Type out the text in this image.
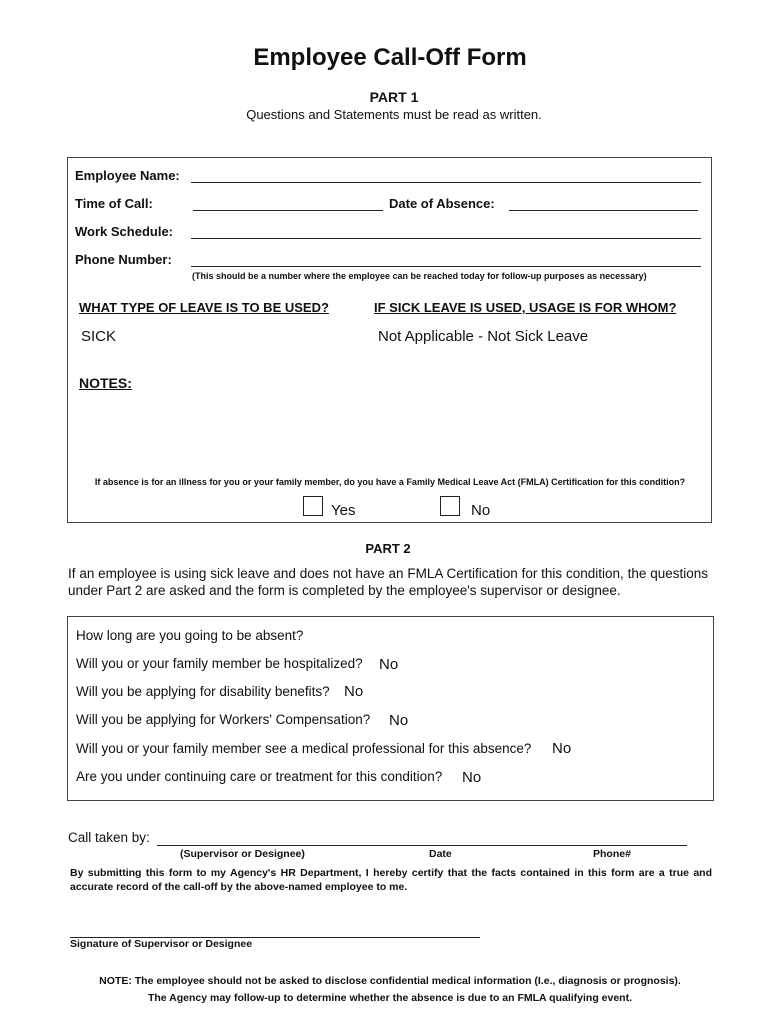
Employee Call-Off Form
PART 1
Questions and Statements must be read as written.
Employee Name:
Time of Call:	Date of Absence:
Work Schedule:
Phone Number:
(This should be a number where the employee can be reached today for follow-up purposes as necessary)
WHAT TYPE OF LEAVE IS TO BE USED?
SICK
IF SICK LEAVE IS USED, USAGE IS FOR WHOM?
Not Applicable - Not Sick Leave
NOTES:
If absence is for an illness for you or your family member, do you have a Family Medical Leave Act (FMLA) Certification for this condition?
Yes	No
PART 2
If an employee is using sick leave and does not have an FMLA Certification for this condition, the questions under Part 2 are asked and the form is completed by the employee's supervisor or designee.
How long are you going to be absent?
Will you or your family member be hospitalized? No
Will you be applying for disability benefits? No
Will you be applying for Workers' Compensation? No
Will you or your family member see a medical professional for this absence? No
Are you under continuing care or treatment for this condition? No
Call taken by:
(Supervisor or Designee)	Date	Phone#
By submitting this form to my Agency's HR Department, I hereby certify that the facts contained in this form are a true and accurate record of the call-off by the above-named employee to me.
Signature of Supervisor or Designee
NOTE: The employee should not be asked to disclose confidential medical information (I.e., diagnosis or prognosis).
The Agency may follow-up to determine whether the absence is due to an FMLA qualifying event.
